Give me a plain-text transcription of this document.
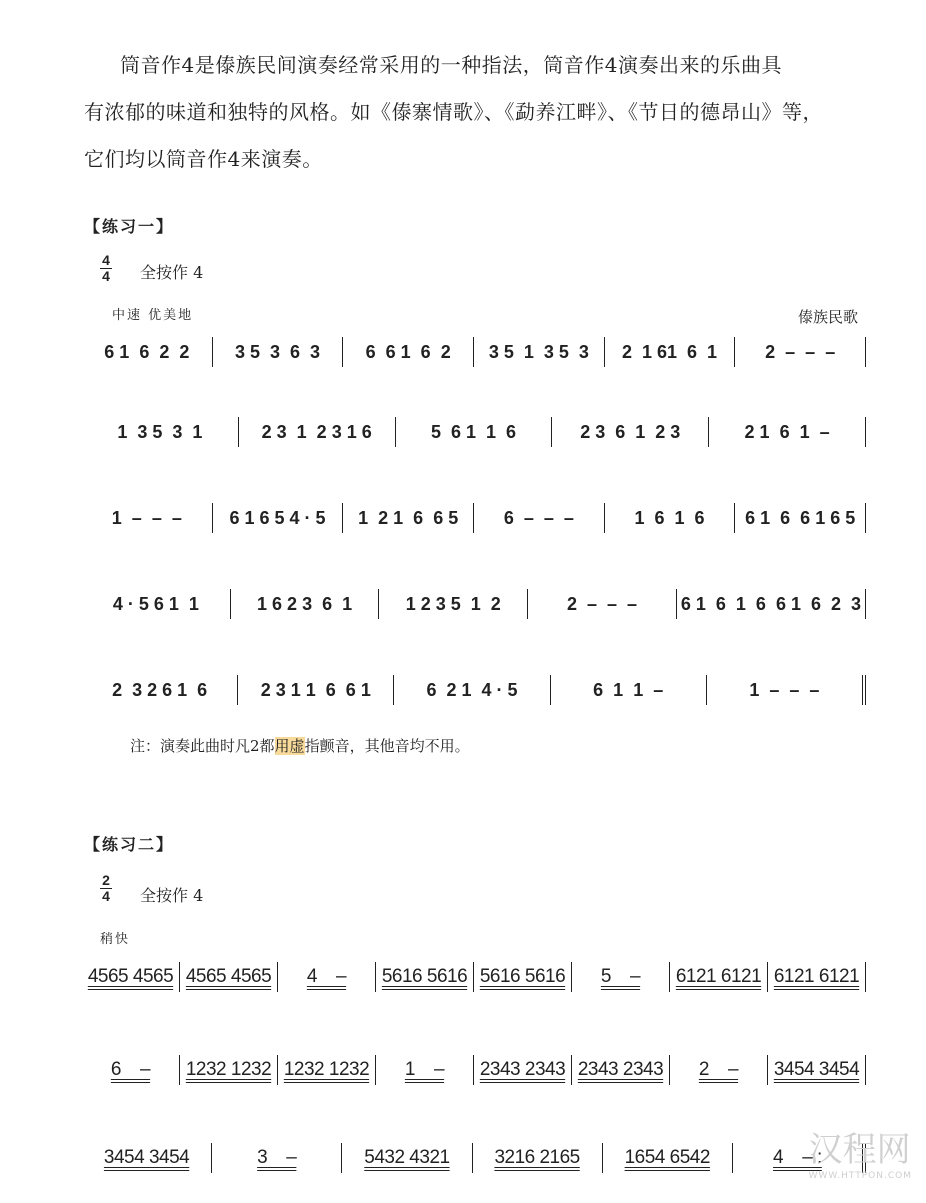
筒音作4是傣族民间演奏经常采用的一种指法，筒音作4演奏出来的乐曲具

有浓郁的味道和独特的风格。如《傣寨情歌》、《勐养江畔》、《节日的德昂山》等，

它们均以筒音作4来演奏。

【练习一】
4
4 全按作 4
中速 优美地	傣族民歌
6 1  6  2  2	3 5  3  6  3	6  6 1  6  2	3 5  1  3 5  3	2  1 61  6  1	2  –  –  –
1  3 5  3  1	2 3  1  2 3 1 6	5  6 1  1  6	2 3  6  1  2 3	2 1  6  1  –
1  –  –  –	6 1 6 5 4 · 5	1  2 1  6  6 5	6  –  –  –	1  6  1  6	6 1  6  6 1 6 5
4 · 5 6 1  1	1 6 2 3  6  1	1 2 3 5  1  2	2  –  –  –	6 1  6  1  6  6 1  6  2  3
2  3 2 6 1  6	2 3 1 1  6  6 1	6  2 1  4 · 5	6  1  1  –	1  –  –  –
注：演奏此曲时凡2都用虚指颤音，其他音均不用。
【练习二】
2
4 全按作 4
稍快
4565 4565 4565 4565	4    –	5616 5616 5616 5616	5    –	6121 6121 6121 6121
6    –	1232 1232 1232 1232	1    –	2343 2343 2343 2343	2    –	3454 3454
3454 3454	3    –	5432 4321	3216 2165	1654 6542	4    – :
汉程网
WWW.HTTPON.COM
